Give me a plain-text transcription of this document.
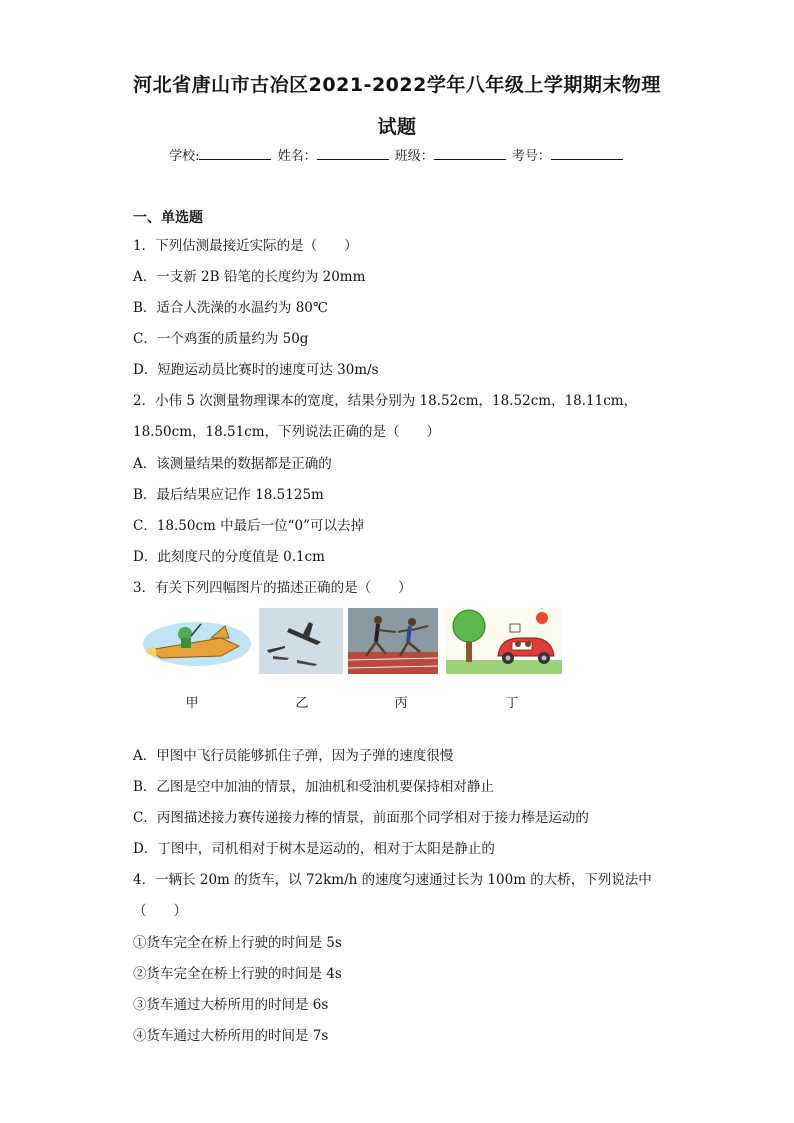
河北省唐山市古冶区2021-2022学年八年级上学期期末物理
试题
学校:	姓名：	班级：	考号：
一、单选题
1．下列估测最接近实际的是（　　）
A．一支新 2B 铅笔的长度约为 20mm
B．适合人洗澡的水温约为 80℃
C．一个鸡蛋的质量约为 50g
D．短跑运动员比赛时的速度可达 30m/s
2．小伟 5 次测量物理课本的宽度，结果分别为 18.52cm，18.52cm，18.11cm，
18.50cm，18.51cm，下列说法正确的是（　　）
A．该测量结果的数据都是正确的
B．最后结果应记作 18.5125m
C．18.50cm 中最后一位“0”可以去掉
D．此刻度尺的分度值是 0.1cm
3．有关下列四幅图片的描述正确的是（　　）
甲	乙	丙	丁
A．甲图中飞行员能够抓住子弹，因为子弹的速度很慢
B．乙图是空中加油的情景，加油机和受油机要保持相对静止
C．丙图描述接力赛传递接力棒的情景，前面那个同学相对于接力棒是运动的
D．丁图中，司机相对于树木是运动的，相对于太阳是静止的
4．一辆长 20m 的货车，以 72km/h 的速度匀速通过长为 100m 的大桥，下列说法中
（　　）
①货车完全在桥上行驶的时间是 5s
②货车完全在桥上行驶的时间是 4s
③货车通过大桥所用的时间是 6s
④货车通过大桥所用的时间是 7s
